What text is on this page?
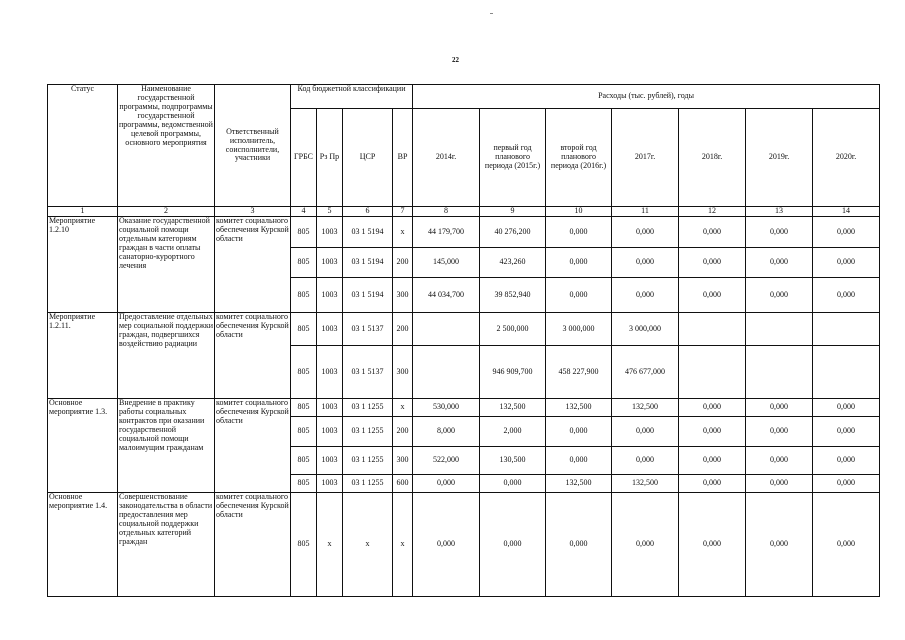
22
Статус	Наименование государственной программы, подпрограммы государственной программы, ведомственной целевой программы, основного мероприятия	Ответственный исполнитель, соисполнители, участники	Код бюджетной классификации				Расходы (тыс. рублей), годы						
			ГРБС	Рз Пр	ЦСР	ВР	2014г.	первый год планового периода (2015г.)	второй год планового периода (2016г.)	2017г.	2018г.	2019г.	2020г.
1	2	3	4	5	6	7	8	9	10	11	12	13	14
Мероприятие 1.2.10	Оказание государственной социальной помощи отдельным категориям граждан в части оплаты санаторно-курортного лечения	комитет социального обеспечения Курской области	805	1003	03 1 5194	х	44 179,700	40 276,200	0,000	0,000	0,000	0,000	0,000
			805	1003	03 1 5194	200	145,000	423,260	0,000	0,000	0,000	0,000	0,000
			805	1003	03 1 5194	300	44 034,700	39 852,940	0,000	0,000	0,000	0,000	0,000
Мероприятие 1.2.11.	Предоставление отдельных мер социальной поддержки граждан, подвергшихся воздействию радиации	комитет социального обеспечения Курской области	805	1003	03 1 5137	200		2 500,000	3 000,000	3 000,000			
			805	1003	03 1 5137	300		946 909,700	458 227,900	476 677,000			
Основное мероприятие 1.3.	Внедрение в практику работы социальных контрактов при оказании государственной социальной помощи малоимущим гражданам	комитет социального обеспечения Курской области	805	1003	03 1 1255	х	530,000	132,500	132,500	132,500	0,000	0,000	0,000
			805	1003	03 1 1255	200	8,000	2,000	0,000	0,000	0,000	0,000	0,000
			805	1003	03 1 1255	300	522,000	130,500	0,000	0,000	0,000	0,000	0,000
			805	1003	03 1 1255	600	0,000	0,000	132,500	132,500	0,000	0,000	0,000
Основное мероприятие 1.4.	Совершенствование законодательства в области предоставления мер социальной поддержки отдельных категорий граждан	комитет социального обеспечения Курской области	805	х	х	х	0,000	0,000	0,000	0,000	0,000	0,000	0,000
